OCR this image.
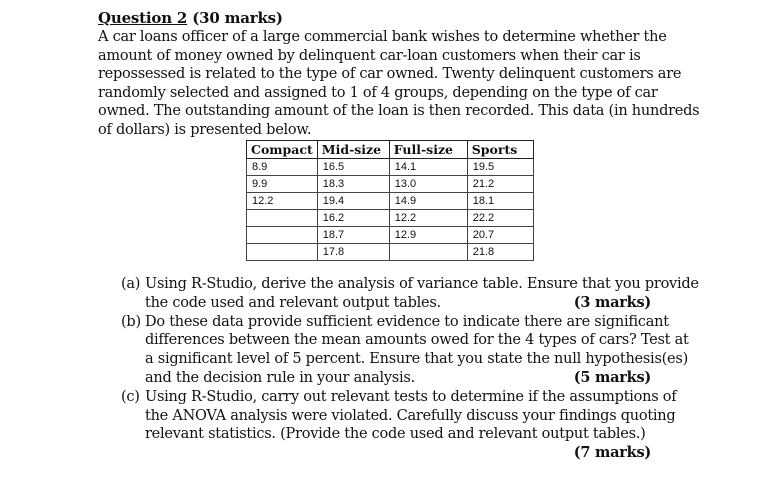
Question 2 (30 marks)
A car loans officer of a large commercial bank wishes to determine whether the
amount of money owned by delinquent car-loan customers when their car is
repossessed is related to the type of car owned. Twenty delinquent customers are
randomly selected and assigned to 1 of 4 groups, depending on the type of car
owned. The outstanding amount of the loan is then recorded. This data (in hundreds
of dollars) is presented below.
Compact	Mid-size	Full-size	Sports
8.9	16.5	14.1	19.5
9.9	18.3	13.0	21.2
12.2	19.4	14.9	18.1
	16.2	12.2	22.2
	18.7	12.9	20.7
	17.8		21.8
(a) Using R-Studio, derive the analysis of variance table. Ensure that you provide
the code used and relevant output tables.	(3 marks)
(b) Do these data provide sufficient evidence to indicate there are significant
differences between the mean amounts owed for the 4 types of cars? Test at
a significant level of 5 percent. Ensure that you state the null hypothesis(es)
and the decision rule in your analysis.	(5 marks)
(c) Using R-Studio, carry out relevant tests to determine if the assumptions of
the ANOVA analysis were violated. Carefully discuss your findings quoting
relevant statistics. (Provide the code used and relevant output tables.)
(7 marks)
